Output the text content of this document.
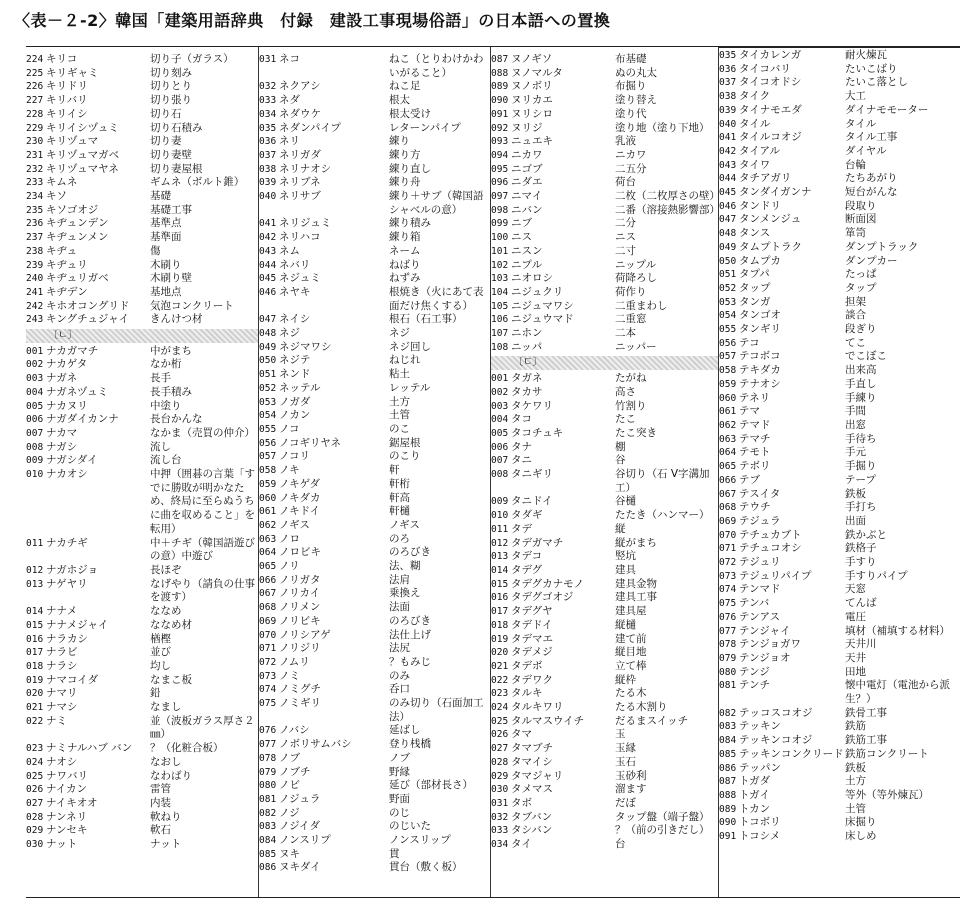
〈表－２-2〉韓国「建築用語辞典　付録　建設工事現場俗語」の日本語への置換
224 キリコ	切り子（ガラス）
225 キリギャミ	切り刻み
226 キリドリ	切りとり
227 キリバリ	切り張り
228 キリイシ	切り石
229 キリイシヅュミ	切り石積み
230 キリヅュマ	切り妻
231 キリヅュマガベ	切り妻壁
232 キリヅュマヤネ	切り妻屋根
233 キムネ	ギムネ（ボルト錐）
234 キソ	基礎
235 キソゴオジ	基礎工事
236 キヂュンデン	基準点
237 キヂュンメン	基準面
238 キヂュ	傷
239 キヂュリ	木刷り
240 キヂュリガベ	木刷り壁
241 キヂデン	基地点
242 キホオコングリド	気泡コンクリート
243 キングチュジャイ	きんけつ材
〔ㄴ〕
001 ナカガマチ	中がまち
002 ナカゲタ	なか桁
003 ナガネ	長手
004 ナガネヅュミ	長手積み
005 ナカヌリ	中塗り
006 ナガダイカンナ	長台かんな
007 ナカマ	なかま（売買の仲介）
008 ナガシ	流し
009 ナガシダイ	流し台
010 ナカオシ	中押（囲碁の言葉「すでに勝敗が明かなため、終局に至らぬうちに曲を収めること」を転用）
011 ナカチギ	中＋チギ（韓国語遊びの意）中遊び
012 ナガホジョ	長ほぞ
013 ナゲヤリ	なげやり（請負の仕事を渡す）
014 ナナメ	ななめ
015 ナナメジャイ	ななめ材
016 ナラカシ	楢樫
017 ナラビ	並び
018 ナラシ	均し
019 ナマコイダ	なまこ板
020 ナマリ	鉛
021 ナマシ	なまし
022 ナミ	並（波板ガラス厚さ２㎜）
023 ナミナルハブ バン	？（化粧合板）
024 ナオシ	なおし
025 ナワバリ	なわばり
026 ナイカン	雷管
027 ナイキオオ	内装
028 ナンネリ	軟ねり
029 ナンセキ	軟石
030 ナット	ナット
031 ネコ	ねこ（とりわけかわいがること）
032 ネクアシ	ねこ足
033 ネダ	根太
034 ネダウケ	根太受け
035 ネダンパイプ	レターンパイプ
036 ネリ	練り
037 ネリガダ	練り方
038 ネリナオシ	練り直し
039 ネリブネ	練り舟
040 ネリサブ	練り＋サブ（韓国語　シャベルの意）
041 ネリジュミ	練り積み
042 ネリハコ	練り箱
043 ネム	ネーム
044 ネバリ	ねばり
045 ネジュミ	ねずみ
046 ネヤキ	根焼き（火にあて表面だけ焦くする）
047 ネイシ	根石（石工事）
048 ネジ	ネジ
049 ネジマワシ	ネジ回し
050 ネジテ	ねじれ
051 ネンド	粘土
052 ネッテル	レッテル
053 ノガダ	土方
054 ノカン	土管
055 ノコ	のこ
056 ノコギリヤネ	鋸屋根
057 ノコリ	のこり
058 ノキ	軒
059 ノキゲダ	軒桁
060 ノキダカ	軒高
061 ノキドイ	軒樋
062 ノギス	ノギス
063 ノロ	のろ
064 ノロビキ	のろびき
065 ノリ	法、糊
066 ノリガタ	法肩
067 ノリカイ	乗換え
068 ノリメン	法面
069 ノリビキ	のろびき
070 ノリシアゲ	法仕上げ
071 ノリジリ	法尻
072 ノムリ	？もみじ
073 ノミ	のみ
074 ノミグチ	呑口
075 ノミギリ	のみ切り（石面加工法）
076 ノバシ	延ばし
077 ノボリサムバシ	登り桟橋
078 ノブ	ノブ
079 ノブチ	野縁
080 ノビ	延び（部材長さ）
081 ノジュラ	野面
082 ノジ	のじ
083 ノジイダ	のじいた
084 ノンスリプ	ノンスリップ
085 ヌキ	貫
086 ヌキダイ	貫台（敷く板）
087 ヌノギソ	布基礎
088 ヌノマルタ	ぬの丸太
089 ヌノボリ	布掘り
090 ヌリカエ	塗り替え
091 ヌリシロ	塗り代
092 ヌリジ	塗り地（塗り下地）
093 ニュエキ	乳液
094 ニカワ	ニカワ
095 ニゴブ	二五分
096 ニダエ	荷台
097 ニマイ	二枚（二枚厚さの壁）
098 ニバン	二番（溶接熱影響部）
099 ニブ	二分
100 ニス	ニス
101 ニスン	二寸
102 ニプル	ニップル
103 ニオロシ	荷降ろし
104 ニジュクリ	荷作り
105 ニジュマワシ	二重まわし
106 ニジュウマド	二重窓
107 ニホン	二本
108 ニッパ	ニッパー
〔ㄷ〕
001 タガネ	たがね
002 タカサ	高さ
003 タケワリ	竹割り
004 タコ	たこ
005 タコチュキ	たこ突き
006 タナ	棚
007 タニ	谷
008 タニギリ	谷切り（石 V字溝加工）
009 タニドイ	谷樋
010 タダギ	たたき（ハンマー）
011 タデ	縦
012 タデガマチ	縦がまち
013 タデコ	竪坑
014 タデグ	建具
015 タデグカナモノ	建具金物
016 タデグゴオジ	建具工事
017 タデグヤ	建具屋
018 タデドイ	縦樋
019 タデマエ	建て前
020 タデメジ	縦目地
021 タデボ	立て棒
022 タデワク	縦枠
023 タルキ	たる木
024 タルキワリ	たる木割り
025 タルマスウイチ	だるまスイッチ
026 タマ	玉
027 タマブチ	玉縁
028 タマイシ	玉石
029 タマジャリ	玉砂利
030 タメマス	溜ます
031 タボ	だぼ
032 タブバン	タップ盤（端子盤）
033 タシバン	？（前の引きだし）
034 タイ	台
035 タイカレンガ	耐火煉瓦
036 タイコバリ	たいこばり
037 タイコオドシ	たいこ落とし
038 タイク	大工
039 タイナモエダ	ダイナモモーター
040 タイル	タイル
041 タイルコオジ	タイル工事
042 タイアル	ダイヤル
043 タイワ	台輪
044 タチアガリ	たちあがり
045 タンダイガンナ	短台がんな
046 タンドリ	段取り
047 タンメンジュ	断面図
048 タンス	箪笥
049 タムプトラク	ダンプトラック
050 タムプカ	ダンプカー
051 タプパ	たっぱ
052 タップ	タップ
053 タンガ	担架
054 タンゴオ	談合
055 タンギリ	段ぎり
056 テコ	てこ
057 テコボコ	でこぼこ
058 テキダカ	出来高
059 テナオシ	手直し
060 テネリ	手練り
061 テマ	手間
062 テマド	出窓
063 テマチ	手待ち
064 テモト	手元
065 テボリ	手掘り
066 テブ	テープ
067 テスイタ	鉄板
068 テウチ	手打ち
069 テジュラ	出面
070 テチュカブト	鉄かぶと
071 テチュコオシ	鉄格子
072 テジュリ	手すり
073 テジュリパイプ	手すりパイプ
074 テンマド	天窓
075 テンバ	てんば
076 テンアス	電圧
077 テンジャイ	填材（補填する材料）
078 テンジョガワ	天井川
079 テンジョオ	天井
080 テンジ	田地
081 テンチ	懐中電灯（電池から派生？）
082 テッコスコオジ	鉄骨工事
083 テッキン	鉄筋
084 テッキンコオジ	鉄筋工事
085 テッキンコンクリード 鉄筋コンクリート
086 テッパン	鉄板
087 トガダ	土方
088 トガイ	等外（等外煉瓦）
089 トカン	土管
090 トコボリ	床掘り
091 トコシメ	床しめ
